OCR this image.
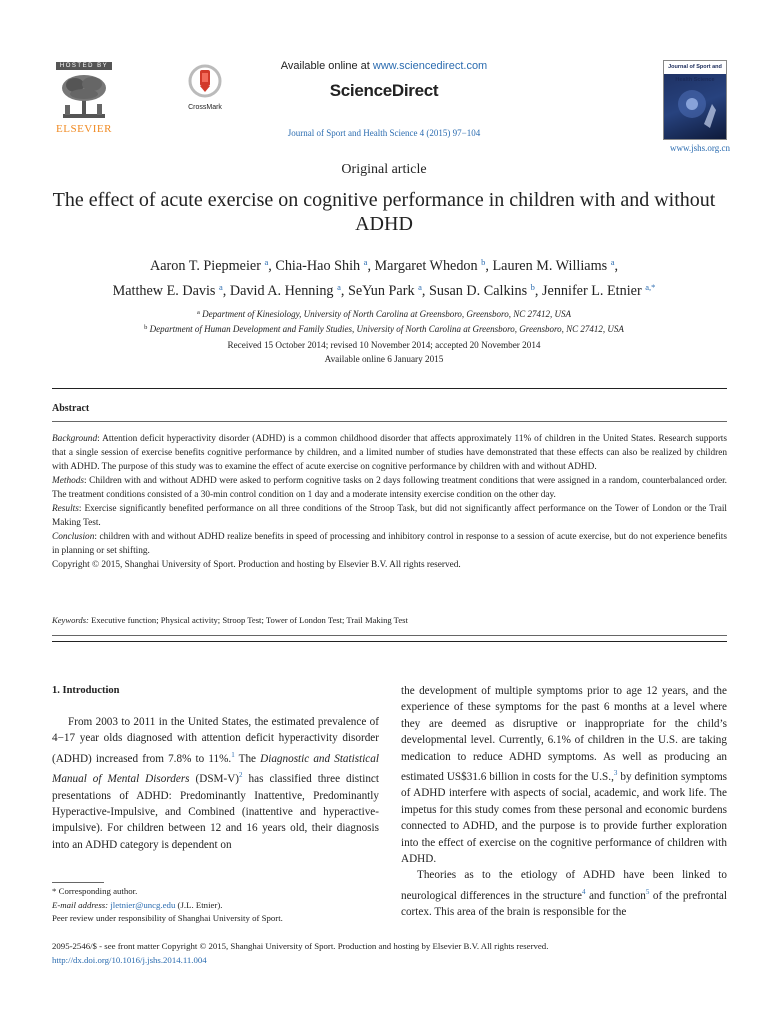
HOSTED BY
ELSEVIER
CrossMark
Available online at www.sciencedirect.com
ScienceDirect
Journal of Sport and Health Science 4 (2015) 97−104
Journal of Sport and Health Science
www.jshs.org.cn
Original article
The effect of acute exercise on cognitive performance in children with and without ADHD
Aaron T. Piepmeier $^a$, Chia-Hao Shih $^a$, Margaret Whedon $^b$, Lauren M. Williams $^a$,
Matthew E. Davis $^a$, David A. Henning $^a$, SeYun Park $^a$, Susan D. Calkins $^b$, Jennifer L. Etnier $^{a,*}$
$^a$ Department of Kinesiology, University of North Carolina at Greensboro, Greensboro, NC 27412, USA
$^b$ Department of Human Development and Family Studies, University of North Carolina at Greensboro, Greensboro, NC 27412, USA
Received 15 October 2014; revised 10 November 2014; accepted 20 November 2014
Available online 6 January 2015
Abstract

Background: Attention deficit hyperactivity disorder (ADHD) is a common childhood disorder that affects approximately 11% of children in the United States. Research supports that a single session of exercise benefits cognitive performance by children, and a limited number of studies have demonstrated that these effects can also be realized by children with ADHD. The purpose of this study was to examine the effect of acute exercise on cognitive performance by children with and without ADHD.

Methods: Children with and without ADHD were asked to perform cognitive tasks on 2 days following treatment conditions that were assigned in a random, counterbalanced order. The treatment conditions consisted of a 30-min control condition on 1 day and a moderate intensity exercise condition on the other day.

Results: Exercise significantly benefited performance on all three conditions of the Stroop Task, but did not significantly affect performance on the Tower of London or the Trail Making Test.

Conclusion: children with and without ADHD realize benefits in speed of processing and inhibitory control in response to a session of acute exercise, but do not experience benefits in planning or set shifting.

Copyright © 2015, Shanghai University of Sport. Production and hosting by Elsevier B.V. All rights reserved.

Keywords: Executive function; Physical activity; Stroop Test; Tower of London Test; Trail Making Test
1. Introduction

From 2003 to 2011 in the United States, the estimated prevalence of 4−17 year olds diagnosed with attention deficit hyperactivity disorder (ADHD) increased from 7.8% to 11%.$^1$ The Diagnostic and Statistical Manual of Mental Disorders $(DSM-V)^2$ has classified three distinct presentations of ADHD: Predominantly Inattentive, Predominantly Hyperactive-Impulsive, and Combined (inattentive and hyperactive-impulsive). For children between 12 and 16 years old, their diagnosis into an ADHD category is dependent on

the development of multiple symptoms prior to age 12 years, and the experience of these symptoms for the past 6 months at a level where they are deemed as disruptive or inappropriate for the child’s developmental level. Currently, 6.1% of children in the U.S. are taking medication to reduce ADHD symptoms. As well as producing an estimated US$31.6 billion in costs for the U.S.,$^3$ by definition symptoms of ADHD interfere with aspects of social, academic, and work life. The impetus for this study comes from these personal and economic burdens connected to ADHD, and the purpose is to provide further exploration into the effect of exercise on the cognitive performance of children with ADHD.

Theories as to the etiology of ADHD have been linked to neurological differences in the structure$^4$ and function$^5$ of the prefrontal cortex. This area of the brain is responsible for the

* Corresponding author.

E-mail address: jletnier@uncg.edu (J.L. Etnier).

Peer review under responsibility of Shanghai University of Sport.

2095-2546/$ - see front matter Copyright © 2015, Shanghai University of Sport. Production and hosting by Elsevier B.V. All rights reserved.

http://dx.doi.org/10.1016/j.jshs.2014.11.004
